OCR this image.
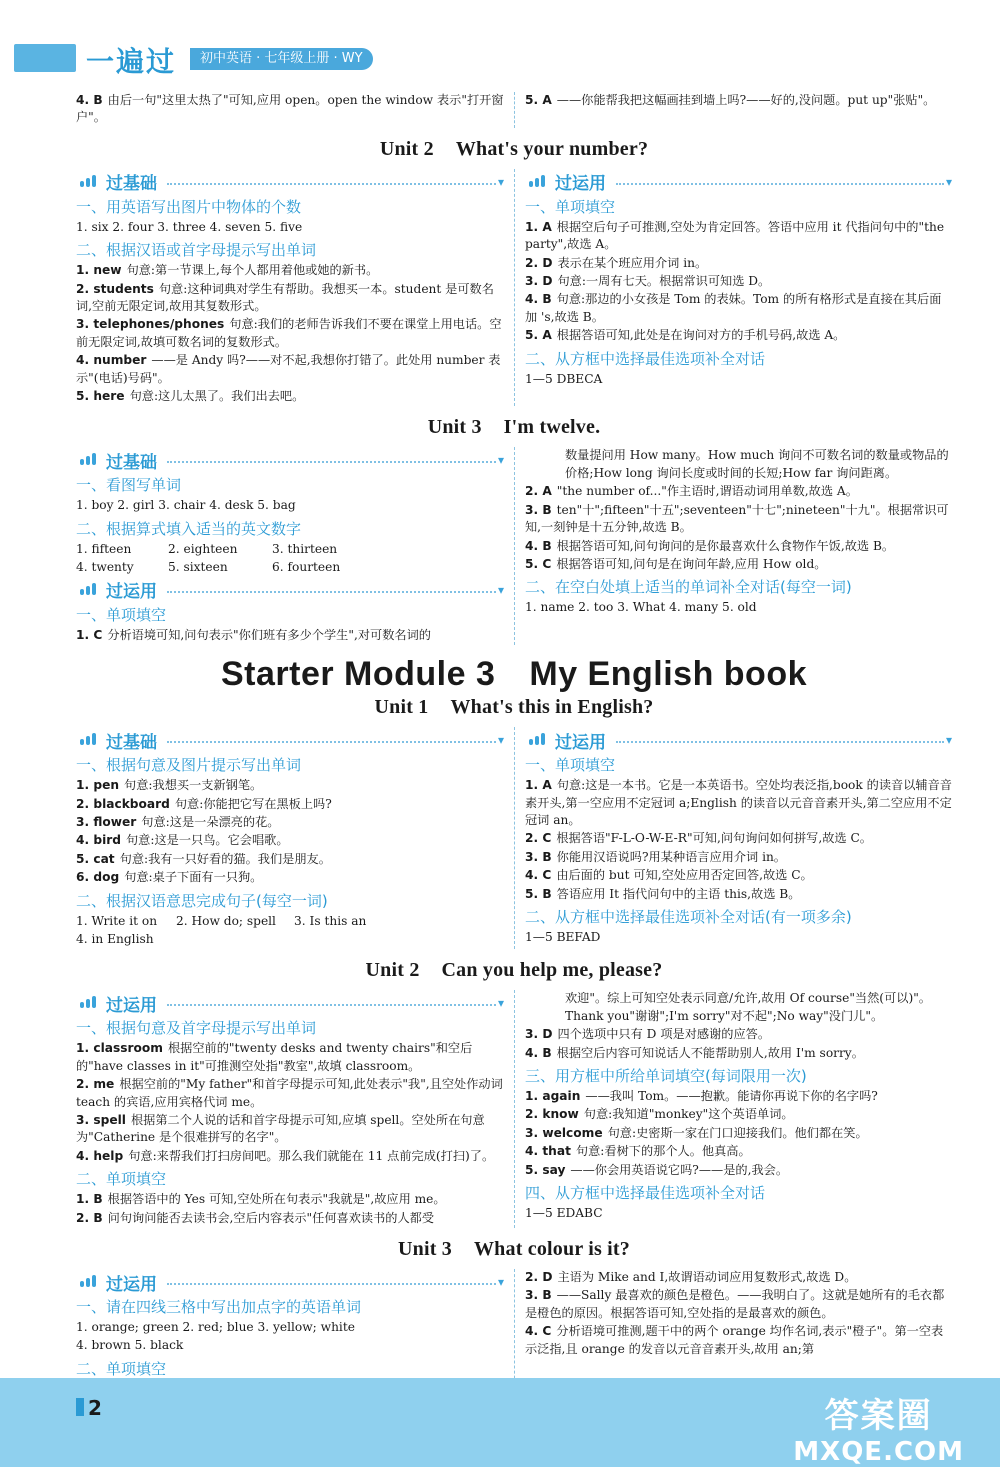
一遍过	初中英语 · 七年级上册 · WY
4. B 由后一句"这里太热了"可知,应用 open。open the window 表示"打开窗户"。
5. A ——你能帮我把这幅画挂到墙上吗?——好的,没问题。put up"张贴"。
Unit 2 What's your number?
过基础	▾
一、用英语写出图片中物体的个数
1. six 2. four 3. three 4. seven 5. five
二、根据汉语或首字母提示写出单词
1. new 句意:第一节课上,每个人都用着他或她的新书。
2. students 句意:这种词典对学生有帮助。我想买一本。student 是可数名词,空前无限定词,故用其复数形式。
3. telephones/phones 句意:我们的老师告诉我们不要在课堂上用电话。空前无限定词,故填可数名词的复数形式。
4. number ——是 Andy 吗?——对不起,我想你打错了。此处用 number 表示"(电话)号码"。
5. here 句意:这儿太黑了。我们出去吧。
过运用	▾
一、单项填空
1. A 根据空后句子可推测,空处为肯定回答。答语中应用 it 代指问句中的"the party",故选 A。
2. D 表示在某个班应用介词 in。
3. D 句意:一周有七天。根据常识可知选 D。
4. B 句意:那边的小女孩是 Tom 的表妹。Tom 的所有格形式是直接在其后面加 's,故选 B。
5. A 根据答语可知,此处是在询问对方的手机号码,故选 A。
二、从方框中选择最佳选项补全对话
1—5 DBECA
Unit 3 I'm twelve.
过基础	▾
一、看图写单词
1. boy 2. girl 3. chair 4. desk 5. bag
二、根据算式填入适当的英文数字
1. fifteen	2. eighteen	3. thirteen
4. twenty	5. sixteen	6. fourteen
过运用	▾
一、单项填空
1. C 分析语境可知,问句表示"你们班有多少个学生",对可数名词的
数量提问用 How many。How much 询问不可数名词的数量或物品的价格;How long 询问长度或时间的长短;How far 询问距离。
2. A "the number of..."作主语时,谓语动词用单数,故选 A。
3. B ten"十";fifteen"十五";seventeen"十七";nineteen"十九"。根据常识可知,一刻钟是十五分钟,故选 B。
4. B 根据答语可知,问句询问的是你最喜欢什么食物作午饭,故选 B。
5. C 根据答语可知,问句是在询问年龄,应用 How old。
二、在空白处填上适当的单词补全对话(每空一词)
1. name 2. too 3. What 4. many 5. old
Starter Module 3 My English book
Unit 1 What's this in English?
过基础	▾
一、根据句意及图片提示写出单词
1. pen 句意:我想买一支新钢笔。
2. blackboard 句意:你能把它写在黑板上吗?
3. flower 句意:这是一朵漂亮的花。
4. bird 句意:这是一只鸟。它会唱歌。
5. cat 句意:我有一只好看的猫。我们是朋友。
6. dog 句意:桌子下面有一只狗。
二、根据汉语意思完成句子(每空一词)
1. Write it on	2. How do; spell	3. Is this an
4. in English
过运用	▾
一、单项填空
1. A 句意:这是一本书。它是一本英语书。空处均表泛指,book 的读音以辅音音素开头,第一空应用不定冠词 a;English 的读音以元音音素开头,第二空应用不定冠词 an。
2. C 根据答语"F-L-O-W-E-R"可知,问句询问如何拼写,故选 C。
3. B 你能用汉语说吗?用某种语言应用介词 in。
4. C 由后面的 but 可知,空处应用否定回答,故选 C。
5. B 答语应用 It 指代问句中的主语 this,故选 B。
二、从方框中选择最佳选项补全对话(有一项多余)
1—5 BEFAD
Unit 2 Can you help me, please?
过运用	▾
一、根据句意及首字母提示写出单词
1. classroom 根据空前的"twenty desks and twenty chairs"和空后的"have classes in it"可推测空处指"教室",故填 classroom。
2. me 根据空前的"My father"和首字母提示可知,此处表示"我",且空处作动词 teach 的宾语,应用宾格代词 me。
3. spell 根据第二个人说的话和首字母提示可知,应填 spell。空处所在句意为"Catherine 是个很难拼写的名字"。
4. help 句意:来帮我们打扫房间吧。那么我们就能在 11 点前完成(打扫)了。
二、单项填空
1. B 根据答语中的 Yes 可知,空处所在句表示"我就是",故应用 me。
2. B 问句询问能否去读书会,空后内容表示"任何喜欢读书的人都受
欢迎"。综上可知空处表示同意/允许,故用 Of course"当然(可以)"。Thank you"谢谢";I'm sorry"对不起";No way"没门儿"。
3. D 四个选项中只有 D 项是对感谢的应答。
4. B 根据空后内容可知说话人不能帮助别人,故用 I'm sorry。
三、用方框中所给单词填空(每词限用一次)
1. again ——我叫 Tom。——抱歉。能请你再说下你的名字吗?
2. know 句意:我知道"monkey"这个英语单词。
3. welcome 句意:史密斯一家在门口迎接我们。他们都在笑。
4. that 句意:看树下的那个人。他真高。
5. say ——你会用英语说它吗?——是的,我会。
四、从方框中选择最佳选项补全对话
1—5 EDABC
Unit 3 What colour is it?
过运用	▾
一、请在四线三格中写出加点字的英语单词
1. orange; green 2. red; blue 3. yellow; white
4. brown 5. black
二、单项填空
2. D 主语为 Mike and I,故谓语动词应用复数形式,故选 D。
3. B ——Sally 最喜欢的颜色是橙色。——我明白了。这就是她所有的毛衣都是橙色的原因。根据答语可知,空处指的是最喜欢的颜色。
4. C 分析语境可推测,题干中的两个 orange 均作名词,表示"橙子"。第一空表示泛指,且 orange 的发音以元音音素开头,故用 an;第
2	答案圈
MXQE.COM
